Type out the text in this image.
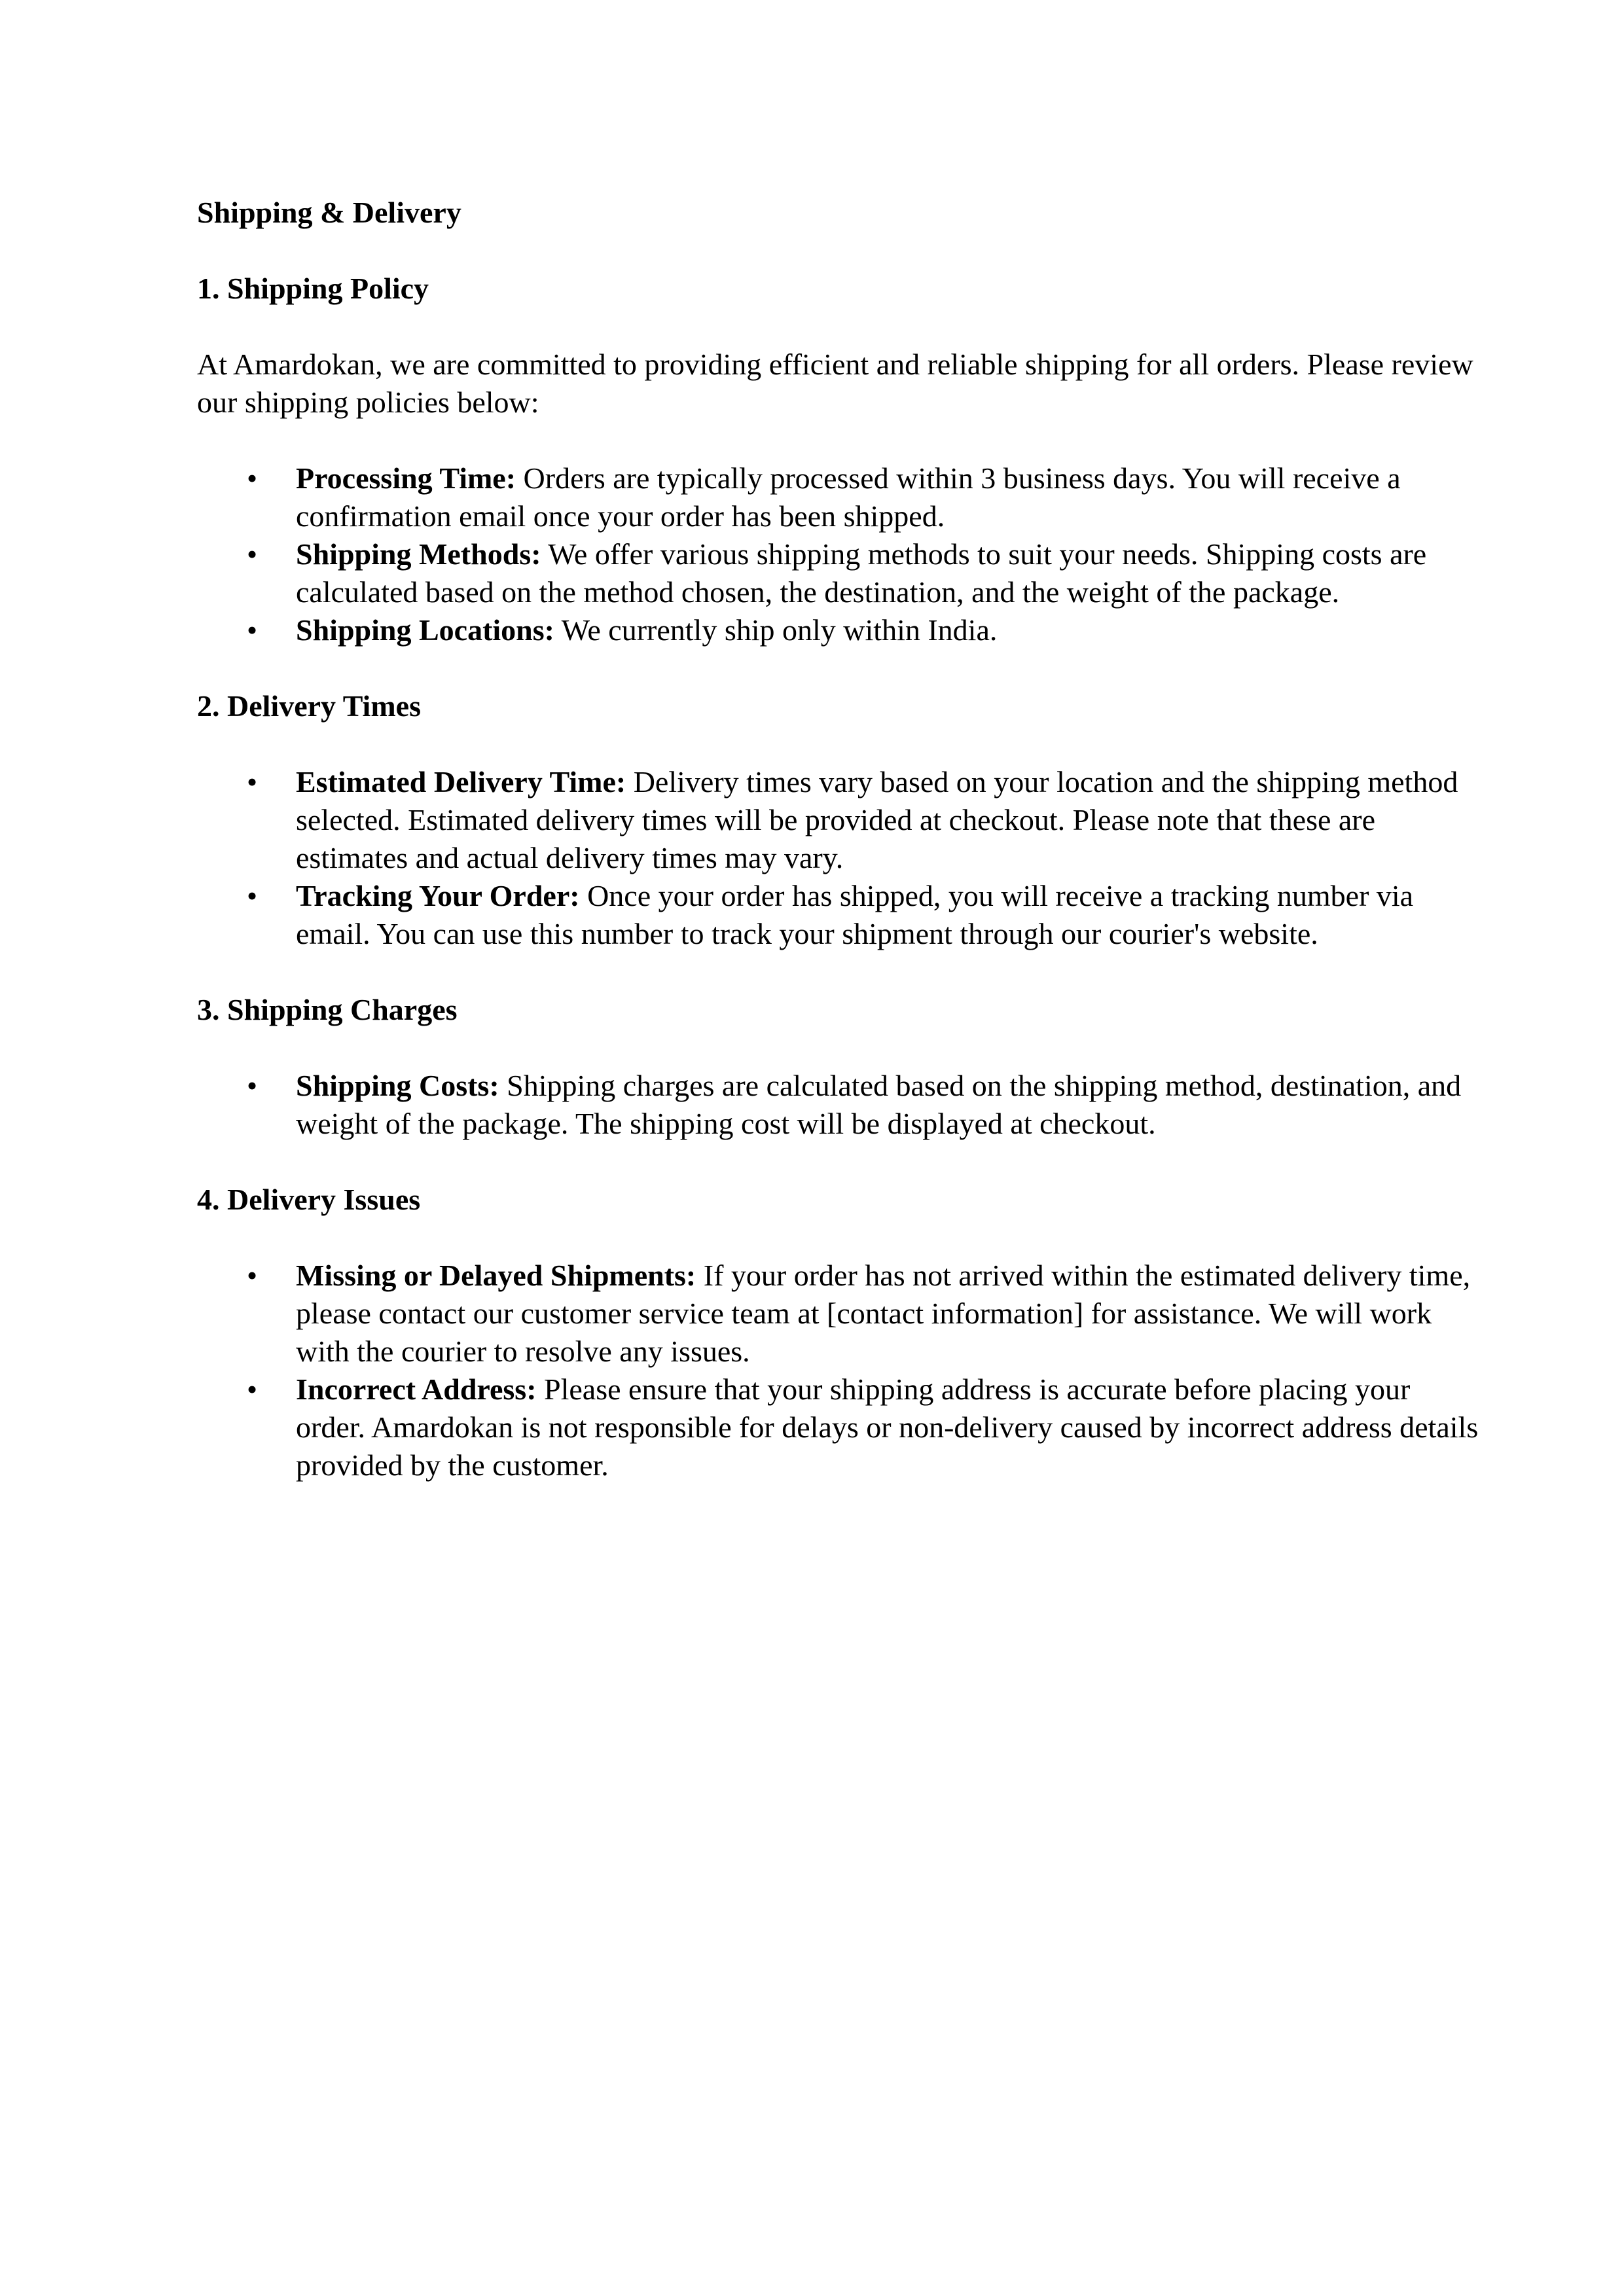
Shipping & Delivery

1. Shipping Policy

At Amardokan, we are committed to providing efficient and reliable shipping for all orders. Please review our shipping policies below:

• Processing Time: Orders are typically processed within 3 business days. You will receive a confirmation email once your order has been shipped.
• Shipping Methods: We offer various shipping methods to suit your needs. Shipping costs are calculated based on the method chosen, the destination, and the weight of the package.
• Shipping Locations: We currently ship only within India.

2. Delivery Times

• Estimated Delivery Time: Delivery times vary based on your location and the shipping method selected. Estimated delivery times will be provided at checkout. Please note that these are estimates and actual delivery times may vary.
• Tracking Your Order: Once your order has shipped, you will receive a tracking number via email. You can use this number to track your shipment through our courier's website.

3. Shipping Charges

• Shipping Costs: Shipping charges are calculated based on the shipping method, destination, and weight of the package. The shipping cost will be displayed at checkout.

4. Delivery Issues

• Missing or Delayed Shipments: If your order has not arrived within the estimated delivery time, please contact our customer service team at [contact information] for assistance. We will work with the courier to resolve any issues.
• Incorrect Address: Please ensure that your shipping address is accurate before placing your order. Amardokan is not responsible for delays or non-delivery caused by incorrect address details provided by the customer.
